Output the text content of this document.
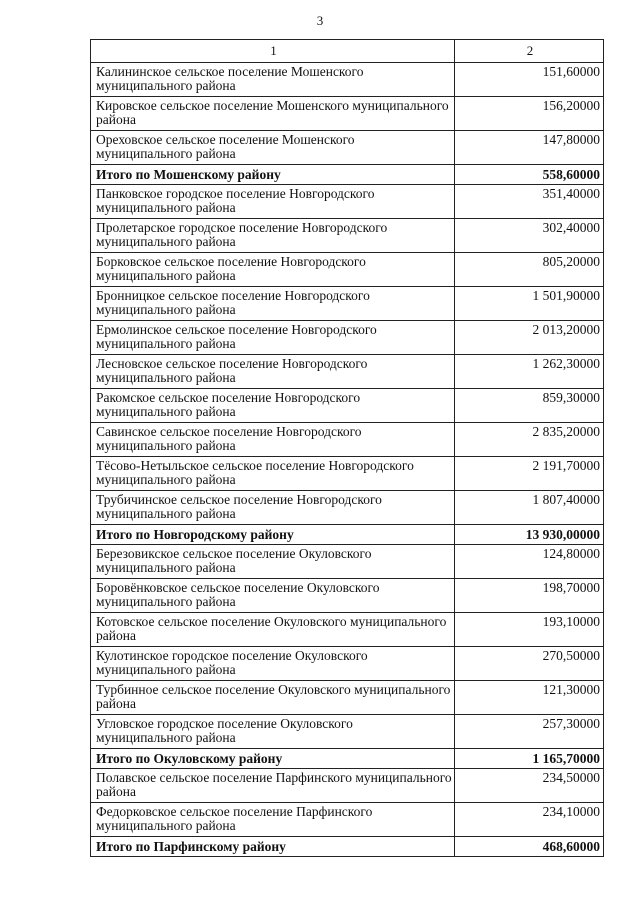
3
1	2
Калининское сельское поселение Мошенского муниципального района	151,60000
Кировское сельское поселение Мошенского муниципального района	156,20000
Ореховское сельское поселение Мошенского муниципального района	147,80000
Итого по Мошенскому району	558,60000
Панковское городское поселение Новгородского муниципального района	351,40000
Пролетарское городское поселение Новгородского муниципального района	302,40000
Борковское сельское поселение Новгородского муниципального района	805,20000
Бронницкое сельское поселение Новгородского муниципального района	1 501,90000
Ермолинское сельское поселение Новгородского муниципального района	2 013,20000
Лесновское сельское поселение Новгородского муниципального района	1 262,30000
Ракомское сельское поселение Новгородского муниципального района	859,30000
Савинское сельское поселение Новгородского муниципального района	2 835,20000
Тёсово-Нетыльское сельское поселение Новгородского муниципального района	2 191,70000
Трубичинское сельское поселение Новгородского муниципального района	1 807,40000
Итого по Новгородскому району	13 930,00000
Березовикское сельское поселение Окуловского муниципального района	124,80000
Боровёнковское сельское поселение Окуловского муниципального района	198,70000
Котовское сельское поселение Окуловского муниципального района	193,10000
Кулотинское городское поселение Окуловского муниципального района	270,50000
Турбинное сельское поселение Окуловского муниципального района	121,30000
Угловское городское поселение Окуловского муниципального района	257,30000
Итого по Окуловскому району	1 165,70000
Полавское сельское поселение Парфинского муниципального района	234,50000
Федорковское сельское поселение Парфинского муниципального района	234,10000
Итого по Парфинскому району	468,60000
